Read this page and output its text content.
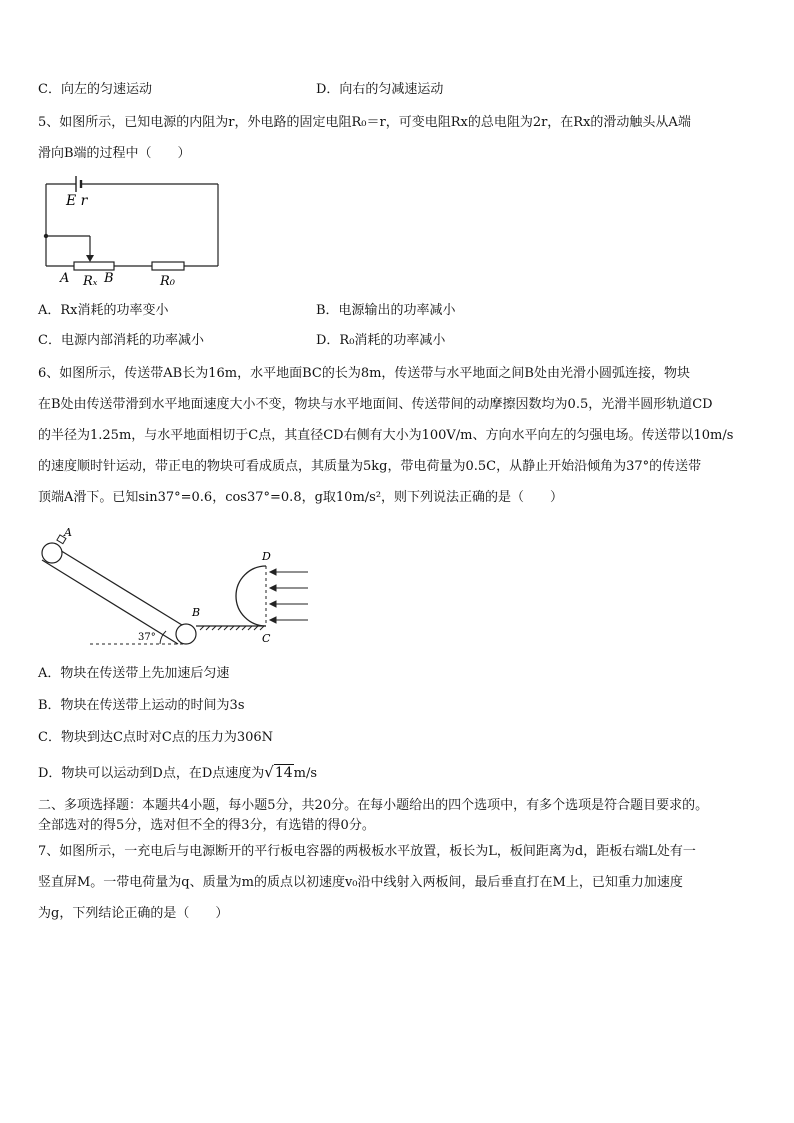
C．向左的匀速运动	D．向右的匀减速运动
5、如图所示，已知电源的内阻为r，外电路的固定电阻R₀＝r，可变电阻Rx的总电阻为2r，在Rx的滑动触头从A端
滑向B端的过程中（　　）
E r
A Rₓ B	R₀
A．Rx消耗的功率变小	B．电源输出的功率减小
C．电源内部消耗的功率减小	D．R₀消耗的功率减小
6、如图所示，传送带AB长为16m，水平地面BC的长为8m，传送带与水平地面之间B处由光滑小圆弧连接，物块
在B处由传送带滑到水平地面速度大小不变，物块与水平地面间、传送带间的动摩擦因数均为0.5，光滑半圆形轨道CD
的半径为1.25m，与水平地面相切于C点，其直径CD右侧有大小为100V/m、方向水平向左的匀强电场。传送带以10m/s
的速度顺时针运动，带正电的物块可看成质点，其质量为5kg，带电荷量为0.5C，从静止开始沿倾角为37°的传送带
顶端A滑下。已知sin37°=0.6，cos37°=0.8，g取10m/s²，则下列说法正确的是（　　）
A
B
C
D
37°
A．物块在传送带上先加速后匀速
B．物块在传送带上运动的时间为3s
C．物块到达C点时对C点的压力为306N
D．物块可以运动到D点，在D点速度为√14m/s
二、多项选择题：本题共4小题，每小题5分，共20分。在每小题给出的四个选项中，有多个选项是符合题目要求的。
全部选对的得5分，选对但不全的得3分，有选错的得0分。
7、如图所示，一充电后与电源断开的平行板电容器的两极板水平放置，板长为L，板间距离为d，距板右端L处有一
竖直屏M。一带电荷量为q、质量为m的质点以初速度v₀沿中线射入两板间，最后垂直打在M上，已知重力加速度
为g，下列结论正确的是（　　）
